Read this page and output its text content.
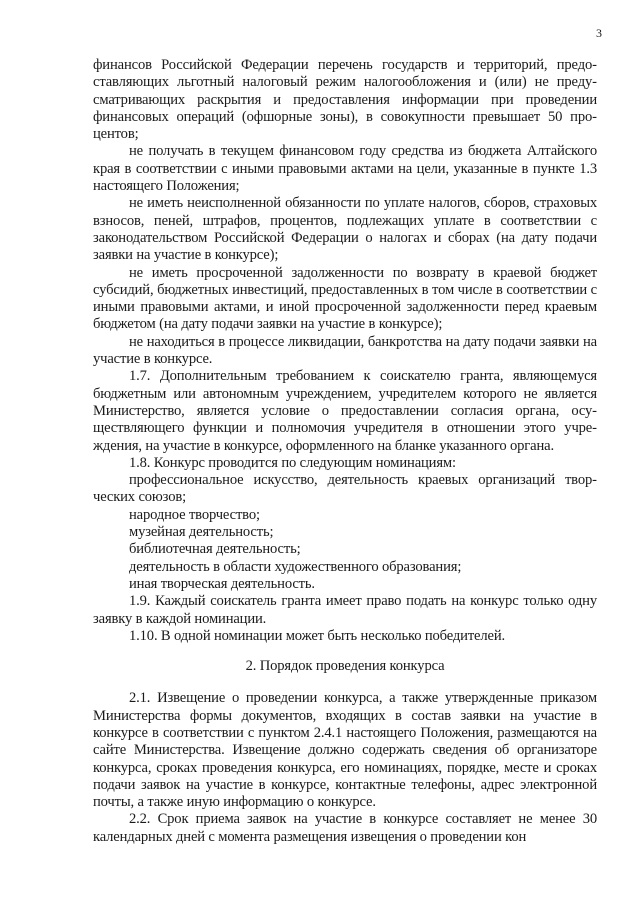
3

финансов Российской Федерации перечень государств и территорий, предоставляющих льготный налоговый режим налогообложения и (или) не предусматривающих раскрытия и предоставления информации при проведении финансовых операций (офшорные зоны), в совокупности превышает 50 процентов;

не получать в текущем финансовом году средства из бюджета Алтайского края в соответствии с иными правовыми актами на цели, указанные в пункте 1.3 настоящего Положения;

не иметь неисполненной обязанности по уплате налогов, сборов, страховых взносов, пеней, штрафов, процентов, подлежащих уплате в соответствии с законодательством Российской Федерации о налогах и сборах (на дату подачи заявки на участие в конкурсе);

не иметь просроченной задолженности по возврату в краевой бюджет субсидий, бюджетных инвестиций, предоставленных в том числе в соответствии с иными правовыми актами, и иной просроченной задолженности перед краевым бюджетом (на дату подачи заявки на участие в конкурсе);

не находиться в процессе ликвидации, банкротства на дату подачи заявки на участие в конкурсе.

1.7. Дополнительным требованием к соискателю гранта, являющемуся бюджетным или автономным учреждением, учредителем которого не является Министерство, является условие о предоставлении согласия органа, осуществляющего функции и полномочия учредителя в отношении этого учреждения, на участие в конкурсе, оформленного на бланке указанного органа.

1.8. Конкурс проводится по следующим номинациям:

профессиональное искусство, деятельность краевых организаций творческих союзов;

народное творчество;

музейная деятельность;

библиотечная деятельность;

деятельность в области художественного образования;

иная творческая деятельность.

1.9. Каждый соискатель гранта имеет право подать на конкурс только одну заявку в каждой номинации.

1.10. В одной номинации может быть несколько победителей.

2. Порядок проведения конкурса

2.1. Извещение о проведении конкурса, а также утвержденные приказом Министерства формы документов, входящих в состав заявки на участие в конкурсе в соответствии с пунктом 2.4.1 настоящего Положения, размещаются на сайте Министерства. Извещение должно содержать сведения об организаторе конкурса, сроках проведения конкурса, его номинациях, порядке, месте и сроках подачи заявок на участие в конкурсе, контактные телефоны, адрес электронной почты, а также иную информацию о конкурсе.

2.2. Срок приема заявок на участие в конкурсе составляет не менее 30 календарных дней с момента размещения извещения о проведении кон
